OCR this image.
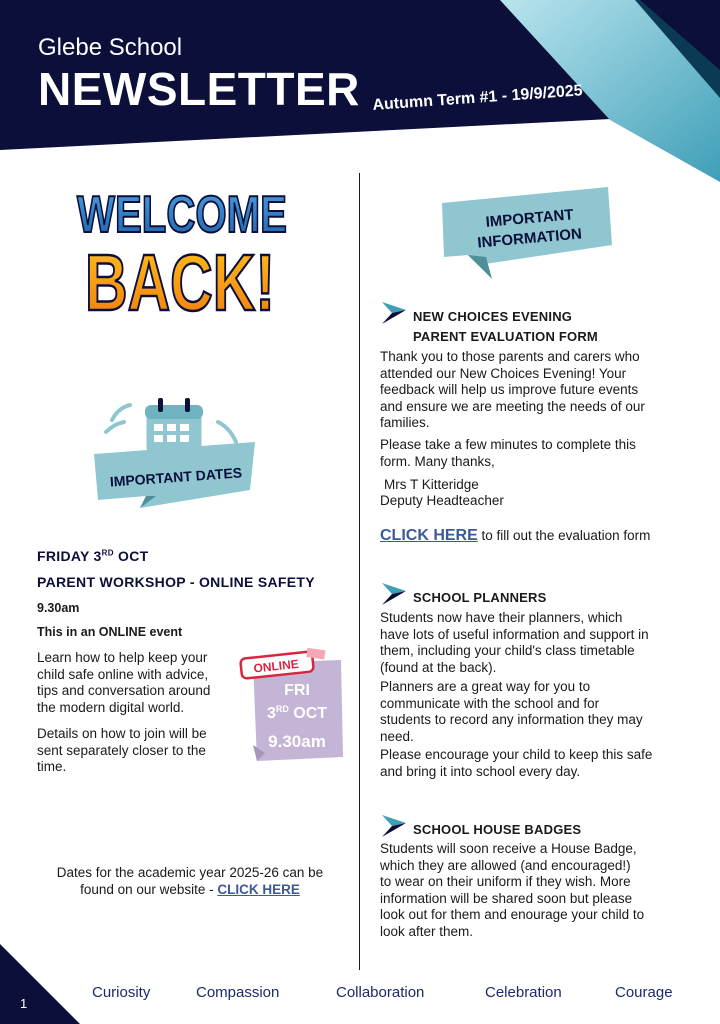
Glebe School
NEWSLETTER Autumn Term #1 - 19/9/2025
WELCOME
BACK!
IMPORTANT DATES
FRIDAY 3RD OCT
PARENT WORKSHOP - ONLINE SAFETY
9.30am
This in an ONLINE event
Learn how to help keep your
child safe online with advice,
tips and conversation around
the modern digital world.
Details on how to join will be
sent separately closer to the
time.
ONLINE
FRI
3RD OCT
9.30am
Dates for the academic year 2025-26 can be
found on our website - CLICK HERE
IMPORTANT
INFORMATION
NEW CHOICES EVENING
PARENT EVALUATION FORM
Thank you to those parents and carers who
attended our New Choices Evening! Your
feedback will help us improve future events
and ensure we are meeting the needs of our
families.
Please take a few minutes to complete this
form. Many thanks,
Mrs T Kitteridge
Deputy Headteacher
CLICK HERE to fill out the evaluation form
SCHOOL PLANNERS
Students now have their planners, which
have lots of useful information and support in
them, including your child's class timetable
(found at the back).
Planners are a great way for you to
communicate with the school and for
students to record any information they may
need.
Please encourage your child to keep this safe
and bring it into school every day.
SCHOOL HOUSE BADGES
Students will soon receive a House Badge,
which they are allowed (and encouraged!)
to wear on their uniform if they wish. More
information will be shared soon but please
look out for them and enourage your child to
look after them.
1
Curiosity	Compassion	Collaboration	Celebration	Courage
